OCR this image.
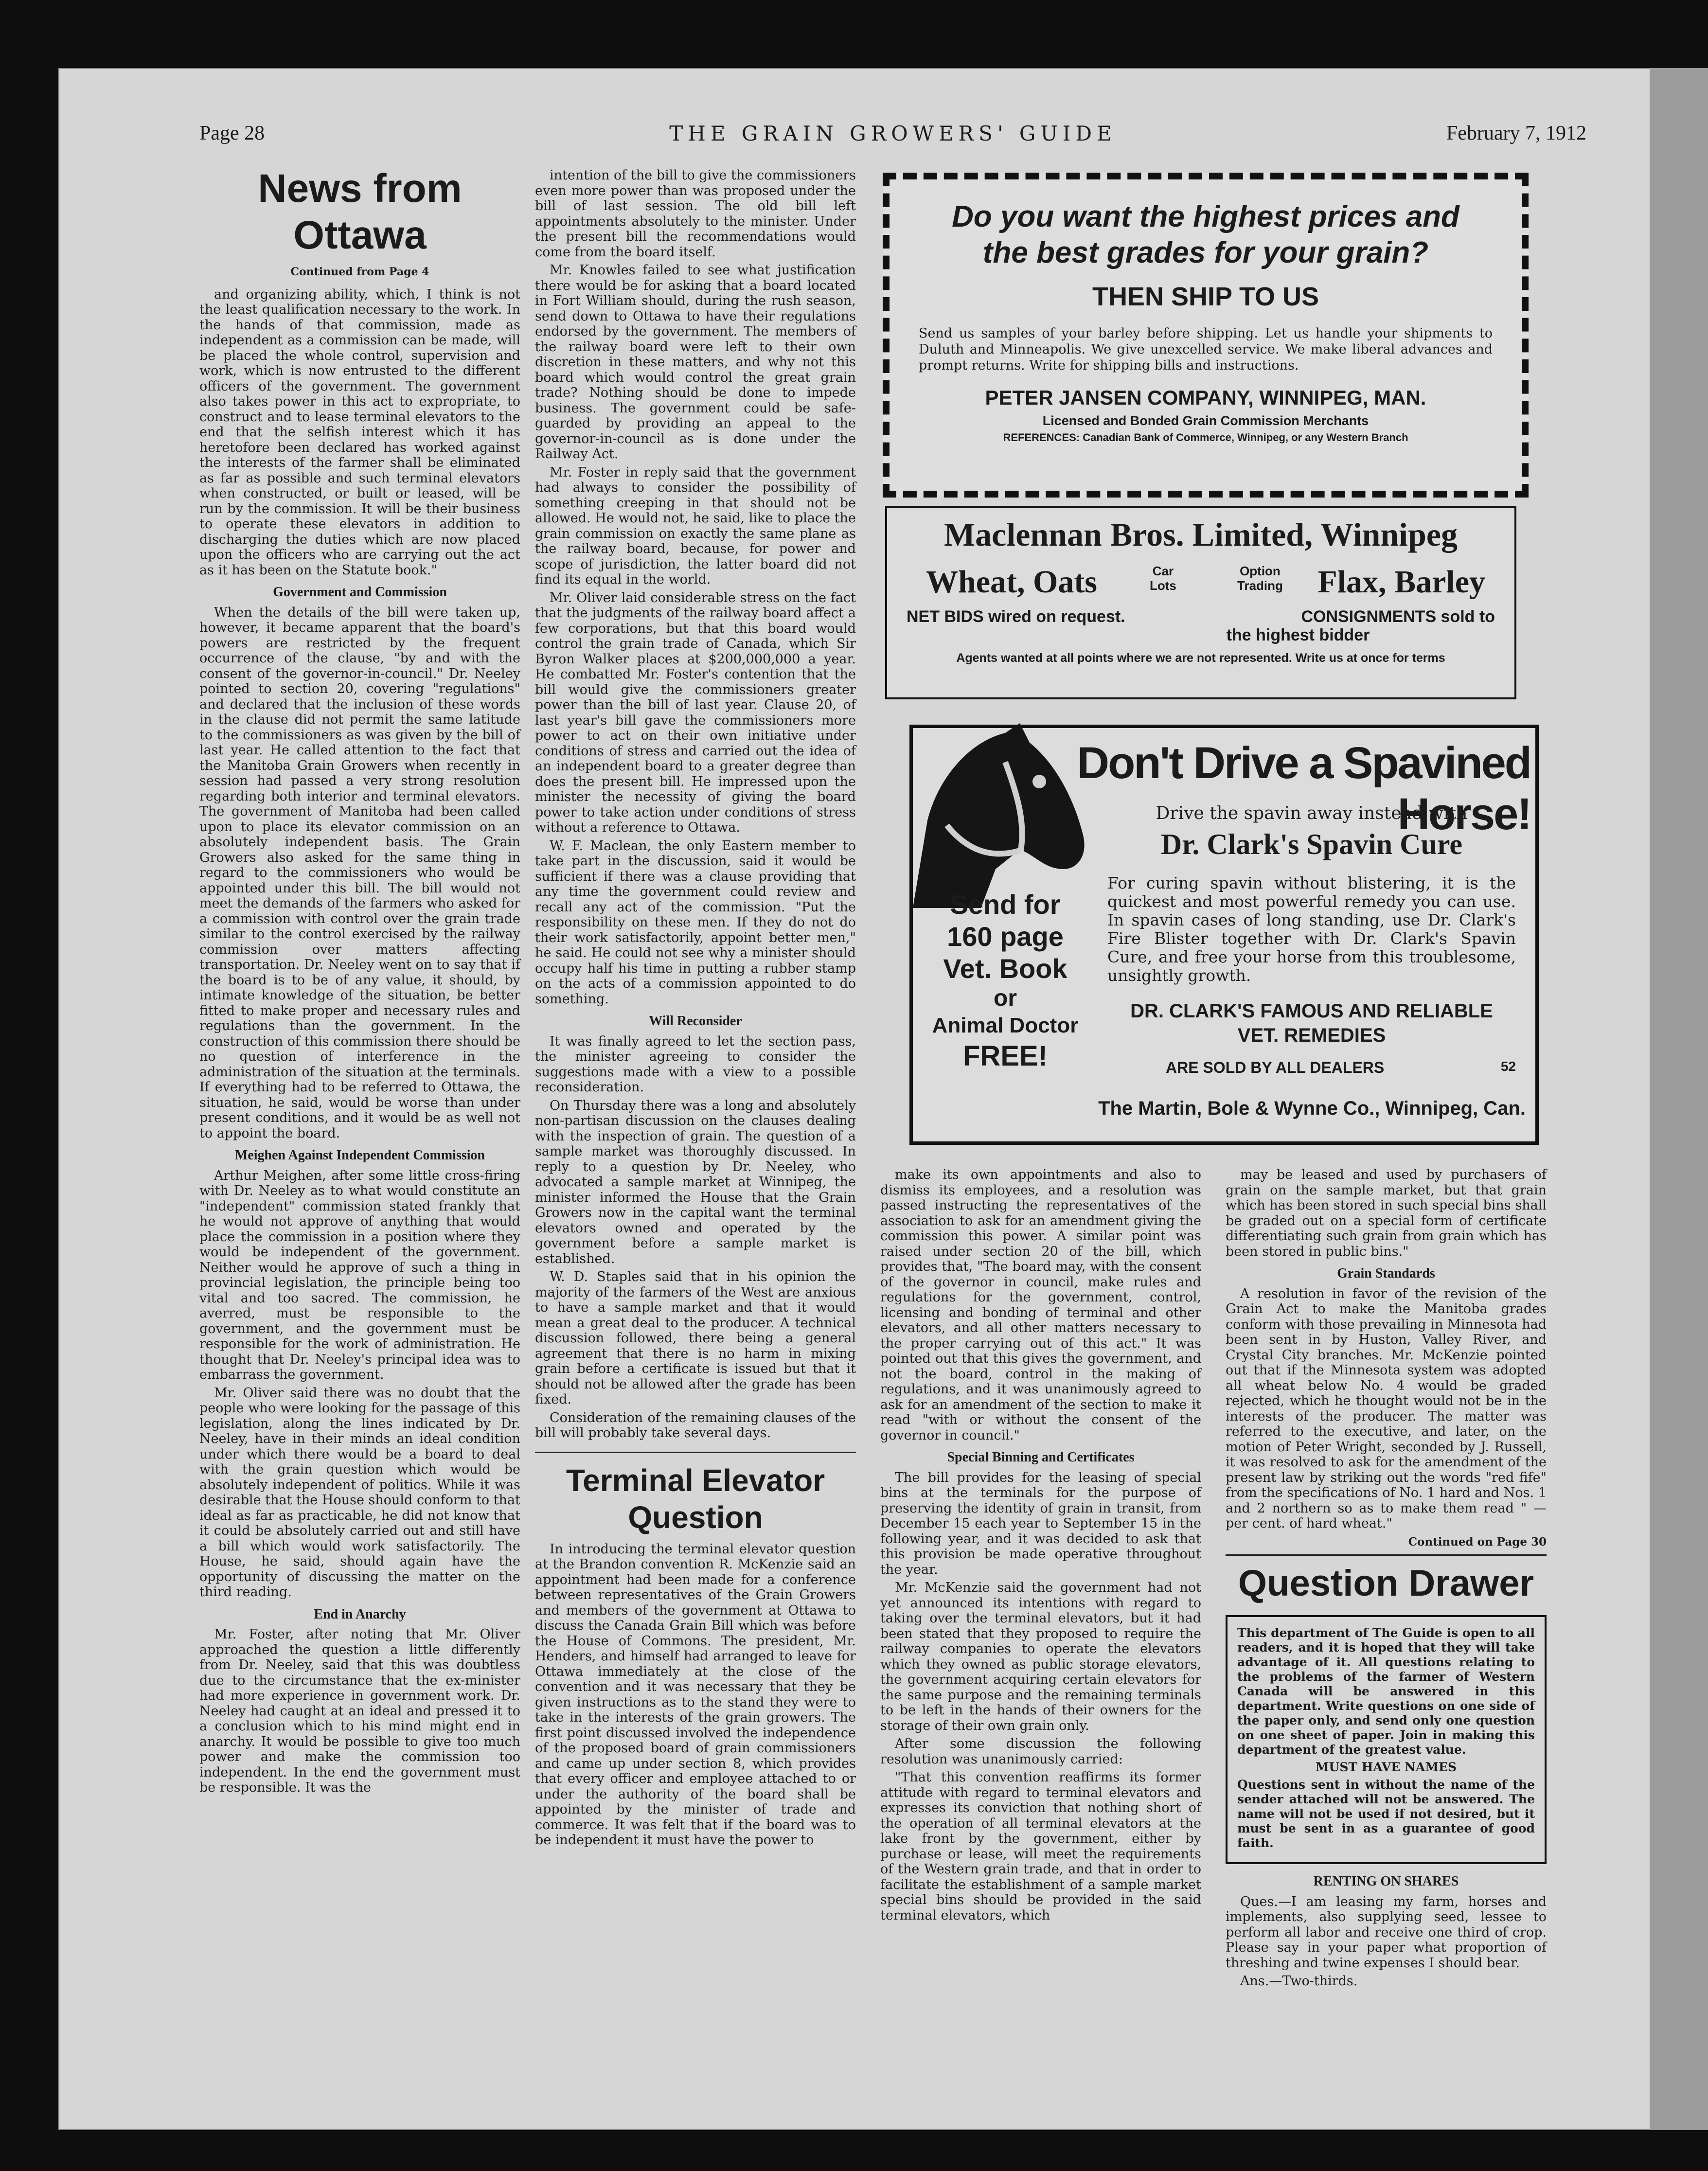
Page 28	THE GRAIN GROWERS' GUIDE	February 7, 1912
News from Ottawa
Continued from Page 4

and organizing ability, which, I think is not the least qualification necessary to the work. In the hands of that commission, made as independent as a commission can be made, will be placed the whole control, supervision and work, which is now entrusted to the different officers of the government. The government also takes power in this act to expropriate, to construct and to lease terminal elevators to the end that the selfish interest which it has heretofore been declared has worked against the interests of the farmer shall be eliminated as far as possible and such terminal elevators when constructed, or built or leased, will be run by the commission. It will be their business to operate these elevators in addition to discharging the duties which are now placed upon the officers who are carrying out the act as it has been on the Statute book."

Government and Commission

When the details of the bill were taken up, however, it became apparent that the board's powers are restricted by the frequent occurrence of the clause, "by and with the consent of the governor-in-council." Dr. Neeley pointed to section 20, covering "regulations" and declared that the inclusion of these words in the clause did not permit the same latitude to the commissioners as was given by the bill of last year. He called attention to the fact that the Manitoba Grain Growers when recently in session had passed a very strong resolution regarding both interior and terminal elevators. The government of Manitoba had been called upon to place its elevator commission on an absolutely independent basis. The Grain Growers also asked for the same thing in regard to the commissioners who would be appointed under this bill. The bill would not meet the demands of the farmers who asked for a commission with control over the grain trade similar to the control exercised by the railway commission over matters affecting transportation. Dr. Neeley went on to say that if the board is to be of any value, it should, by intimate knowledge of the situation, be better fitted to make proper and necessary rules and regulations than the government. In the construction of this commission there should be no question of interference in the administration of the situation at the terminals. If everything had to be referred to Ottawa, the situation, he said, would be worse than under present conditions, and it would be as well not to appoint the board.

Meighen Against Independent Commission

Arthur Meighen, after some little cross-firing with Dr. Neeley as to what would constitute an "independent" commission stated frankly that he would not approve of anything that would place the commission in a position where they would be independent of the government. Neither would he approve of such a thing in provincial legislation, the principle being too vital and too sacred. The commission, he averred, must be responsible to the government, and the government must be responsible for the work of administration. He thought that Dr. Neeley's principal idea was to embarrass the government.

Mr. Oliver said there was no doubt that the people who were looking for the passage of this legislation, along the lines indicated by Dr. Neeley, have in their minds an ideal condition under which there would be a board to deal with the grain question which would be absolutely independent of politics. While it was desirable that the House should conform to that ideal as far as practicable, he did not know that it could be absolutely carried out and still have a bill which would work satisfactorily. The House, he said, should again have the opportunity of discussing the matter on the third reading.

End in Anarchy

Mr. Foster, after noting that Mr. Oliver approached the question a little differently from Dr. Neeley, said that this was doubtless due to the circumstance that the ex-minister had more experience in government work. Dr. Neeley had caught at an ideal and pressed it to a conclusion which to his mind might end in anarchy. It would be possible to give too much power and make the commission too independent. In the end the government must be responsible. It was the

intention of the bill to give the commissioners even more power than was proposed under the bill of last session. The old bill left appointments absolutely to the minister. Under the present bill the recommendations would come from the board itself.

Mr. Knowles failed to see what justification there would be for asking that a board located in Fort William should, during the rush season, send down to Ottawa to have their regulations endorsed by the government. The members of the railway board were left to their own discretion in these matters, and why not this board which would control the great grain trade? Nothing should be done to impede business. The government could be safe-guarded by providing an appeal to the governor-in-council as is done under the Railway Act.

Mr. Foster in reply said that the government had always to consider the possibility of something creeping in that should not be allowed. He would not, he said, like to place the grain commission on exactly the same plane as the railway board, because, for power and scope of jurisdiction, the latter board did not find its equal in the world.

Mr. Oliver laid considerable stress on the fact that the judgments of the railway board affect a few corporations, but that this board would control the grain trade of Canada, which Sir Byron Walker places at $200,000,000 a year. He combatted Mr. Foster's contention that the bill would give the commissioners greater power than the bill of last year. Clause 20, of last year's bill gave the commissioners more power to act on their own initiative under conditions of stress and carried out the idea of an independent board to a greater degree than does the present bill. He impressed upon the minister the necessity of giving the board power to take action under conditions of stress without a reference to Ottawa.

W. F. Maclean, the only Eastern member to take part in the discussion, said it would be sufficient if there was a clause providing that any time the government could review and recall any act of the commission. "Put the responsibility on these men. If they do not do their work satisfactorily, appoint better men," he said. He could not see why a minister should occupy half his time in putting a rubber stamp on the acts of a commission appointed to do something.

Will Reconsider

It was finally agreed to let the section pass, the minister agreeing to consider the suggestions made with a view to a possible reconsideration.

On Thursday there was a long and absolutely non-partisan discussion on the clauses dealing with the inspection of grain. The question of a sample market was thoroughly discussed. In reply to a question by Dr. Neeley, who advocated a sample market at Winnipeg, the minister informed the House that the Grain Growers now in the capital want the terminal elevators owned and operated by the government before a sample market is established.

W. D. Staples said that in his opinion the majority of the farmers of the West are anxious to have a sample market and that it would mean a great deal to the producer. A technical discussion followed, there being a general agreement that there is no harm in mixing grain before a certificate is issued but that it should not be allowed after the grade has been fixed.

Consideration of the remaining clauses of the bill will probably take several days.

Terminal Elevator Question

In introducing the terminal elevator question at the Brandon convention R. McKenzie said an appointment had been made for a conference between representatives of the Grain Growers and members of the government at Ottawa to discuss the Canada Grain Bill which was before the House of Commons. The president, Mr. Henders, and himself had arranged to leave for Ottawa immediately at the close of the convention and it was necessary that they be given instructions as to the stand they were to take in the interests of the grain growers. The first point discussed involved the independence of the proposed board of grain commissioners and came up under section 8, which provides that every officer and employee attached to or under the authority of the board shall be appointed by the minister of trade and commerce. It was felt that if the board was to be independent it must have the power to

make its own appointments and also to dismiss its employees, and a resolution was passed instructing the representatives of the association to ask for an amendment giving the commission this power. A similar point was raised under section 20 of the bill, which provides that, "The board may, with the consent of the governor in council, make rules and regulations for the government, control, licensing and bonding of terminal and other elevators, and all other matters necessary to the proper carrying out of this act." It was pointed out that this gives the government, and not the board, control in the making of regulations, and it was unanimously agreed to ask for an amendment of the section to make it read "with or without the consent of the governor in council."

Special Binning and Certificates

The bill provides for the leasing of special bins at the terminals for the purpose of preserving the identity of grain in transit, from December 15 each year to September 15 in the following year, and it was decided to ask that this provision be made operative throughout the year.

Mr. McKenzie said the government had not yet announced its intentions with regard to taking over the terminal elevators, but it had been stated that they proposed to require the railway companies to operate the elevators which they owned as public storage elevators, the government acquiring certain elevators for the same purpose and the remaining terminals to be left in the hands of their owners for the storage of their own grain only.

After some discussion the following resolution was unanimously carried:

"That this convention reaffirms its former attitude with regard to terminal elevators and expresses its conviction that nothing short of the operation of all terminal elevators at the lake front by the government, either by purchase or lease, will meet the requirements of the Western grain trade, and that in order to facilitate the establishment of a sample market special bins should be provided in the said terminal elevators, which

may be leased and used by purchasers of grain on the sample market, but that grain which has been stored in such special bins shall be graded out on a special form of certificate differentiating such grain from grain which has been stored in public bins."

Grain Standards

A resolution in favor of the revision of the Grain Act to make the Manitoba grades conform with those prevailing in Minnesota had been sent in by Huston, Valley River, and Crystal City branches. Mr. McKenzie pointed out that if the Minnesota system was adopted all wheat below No. 4 would be graded rejected, which he thought would not be in the interests of the producer. The matter was referred to the executive, and later, on the motion of Peter Wright, seconded by J. Russell, it was resolved to ask for the amendment of the present law by striking out the words "red fife" from the specifications of No. 1 hard and Nos. 1 and 2 northern so as to make them read " — per cent. of hard wheat."

Continued on Page 30
Question Drawer

This department of The Guide is open to all readers, and it is hoped that they will take advantage of it. All questions relating to the problems of the farmer of Western Canada will be answered in this department. Write questions on one side of the paper only, and send only one question on one sheet of paper. Join in making this department of the greatest value.

MUST HAVE NAMES

Questions sent in without the name of the sender attached will not be answered. The name will not be used if not desired, but it must be sent in as a guarantee of good faith.

RENTING ON SHARES

Ques.—I am leasing my farm, horses and implements, also supplying seed, lessee to perform all labor and receive one third of crop. Please say in your paper what proportion of threshing and twine expenses I should bear.

Ans.—Two-thirds.

Do you want the highest prices and
the best grades for your grain?
THEN SHIP TO US
Send us samples of your barley before shipping. Let us handle your shipments to Duluth and Minneapolis. We give unexcelled service. We make liberal advances and prompt returns. Write for shipping bills and instructions.
PETER JANSEN COMPANY, WINNIPEG, MAN.
Licensed and Bonded Grain Commission Merchants
REFERENCES: Canadian Bank of Commerce, Winnipeg, or any Western Branch
Maclennan Bros. Limited, Winnipeg
Wheat, Oats	Car
Lots
Option
Trading Flax, Barley
NET BIDS wired on request.	CONSIGNMENTS sold to
the highest bidder
Agents wanted at all points where we are not represented. Write us at once for terms
Don't Drive a Spavined Horse!
Drive the spavin away instead with
Dr. Clark's Spavin Cure
For curing spavin without blistering, it is the quickest and most powerful remedy you can use. In spavin cases of long standing, use Dr. Clark's Fire Blister together with Dr. Clark's Spavin Cure, and free your horse from this troublesome, unsightly growth.
Send for
160 page
Vet. Book
or
Animal Doctor
FREE!
DR. CLARK'S FAMOUS AND RELIABLE
VET. REMEDIES
ARE SOLD BY ALL DEALERS	52
The Martin, Bole & Wynne Co., Winnipeg, Can.
